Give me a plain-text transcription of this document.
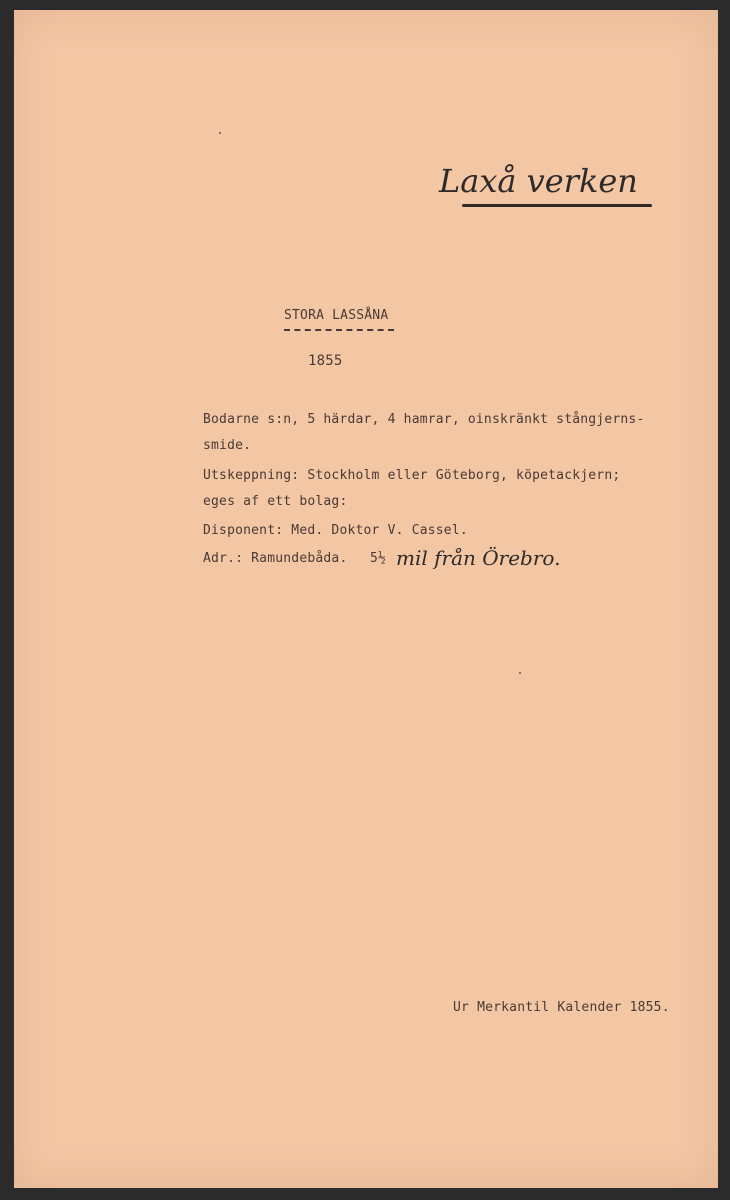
Laxå verken
STORA LASSÅNA
1855
Bodarne s:n, 5 härdar, 4 hamrar, oinskränkt stångjerns-
smide.
Utskeppning: Stockholm eller Göteborg, köpetackjern;
eges af ett bolag:
Disponent: Med. Doktor V. Cassel.
Adr.: Ramundebåda. 5½ mil från Örebro.
Ur Merkantil Kalender 1855.
